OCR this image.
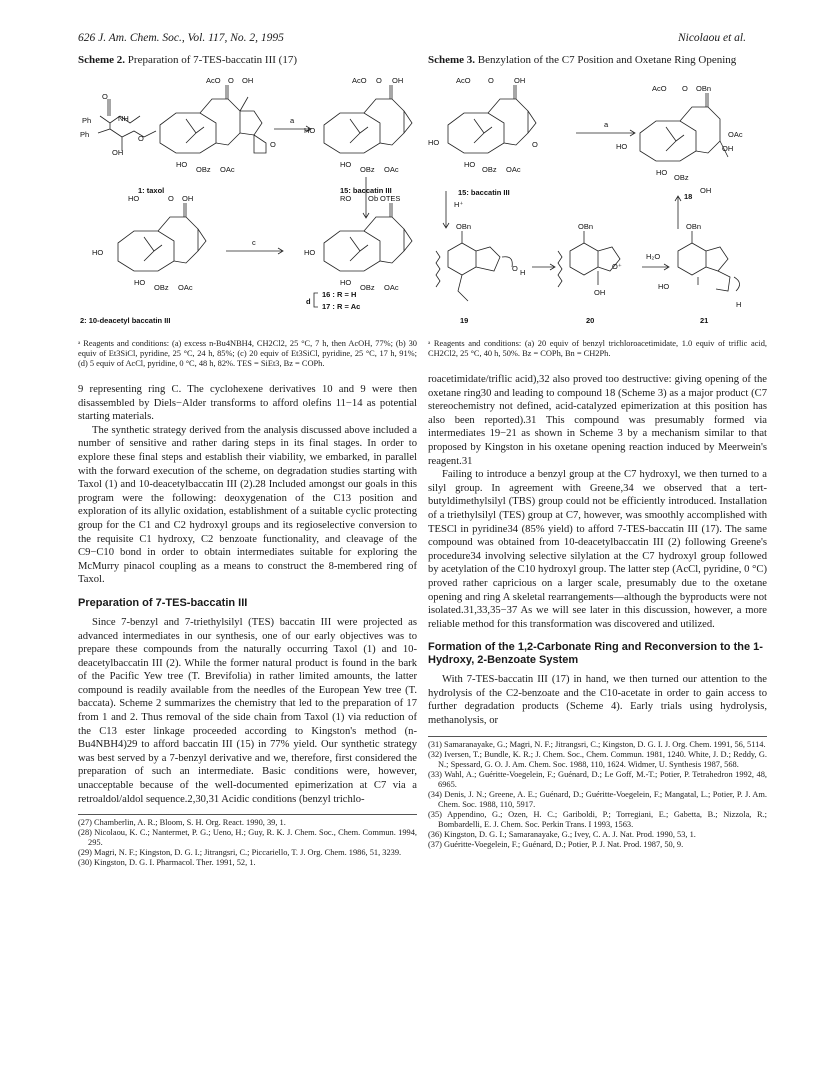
626 J. Am. Chem. Soc., Vol. 117, No. 2, 1995	Nicolaou et al.
Scheme 2. Preparation of 7-TES-baccatin III (17)
AcO O OH
Ph
O
NH
Ph
OH
O
HO
OBz OAc
O
a
HO
AcO O OH
HO
OBz OAc
b
HO	O OH
HO
HO
OBz OAc
c
HO
RO O OTES
HO
OBz OAc
1: taxol	15: baccatin III
2: 10-deacetyl baccatin III
d
16 : R = H
17 : R = Ac

ᵃ Reagents and conditions: (a) excess n-Bu4NBH4, CH2Cl2, 25 °C, 7 h, then AcOH, 77%; (b) 30 equiv of Et3SiCl, pyridine, 25 °C, 24 h, 85%; (c) 20 equiv of Et3SiCl, pyridine, 25 °C, 17 h, 91%; (d) 5 equiv of AcCl, pyridine, 0 °C, 48 h, 82%. TES = SiEt3, Bz = COPh.

9 representing ring C. The cyclohexene derivatives 10 and 9 were then disassembled by Diels−Alder transforms to afford olefins 11−14 as potential starting materials.

The synthetic strategy derived from the analysis discussed above included a number of sensitive and rather daring steps in its final stages. In order to explore these final steps and establish their viability, we embarked, in parallel with the forward execution of the scheme, on degradation studies starting with Taxol (1) and 10-deacetylbaccatin III (2).28 Included amongst our goals in this program were the following: deoxygenation of the C13 position and exploration of its allylic oxidation, establishment of a suitable cyclic protecting group for the C1 and C2 hydroxyl groups and its regioselective conversion to the requisite C1 hydroxy, C2 benzoate functionality, and cleavage of the C9−C10 bond in order to obtain intermediates suitable for exploring the McMurry pinacol coupling as a means to construct the 8-membered ring of Taxol.

Preparation of 7-TES-baccatin III

Since 7-benzyl and 7-triethylsilyl (TES) baccatin III were projected as advanced intermediates in our synthesis, one of our early objectives was to prepare these compounds from the naturally occurring Taxol (1) and 10-deacetylbaccatin III (2). While the former natural product is found in the bark of the Pacific Yew tree (T. Brevifolia) in rather limited amounts, the latter compound is readily available from the needles of the European Yew tree (T. baccata). Scheme 2 summarizes the chemistry that led to the preparation of 17 from 1 and 2. Thus removal of the side chain from Taxol (1) via reduction of the C13 ester linkage proceeded according to Kingston's method (n-Bu4NBH4)29 to afford baccatin III (15) in 77% yield. Our synthetic strategy was best served by a 7-benzyl derivative and we, therefore, first considered the preparation of such an intermediate. Basic conditions were, however, unacceptable because of the well-documented epimerization at C7 via a retroaldol/aldol sequence.2,30,31 Acidic conditions (benzyl trichlo-

(27) Chamberlin, A. R.; Bloom, S. H. Org. React. 1990, 39, 1.
(28) Nicolaou, K. C.; Nantermet, P. G.; Ueno, H.; Guy, R. K. J. Chem. Soc., Chem. Commun. 1994, 295.
(29) Magri, N. F.; Kingston, D. G. I.; Jitrangsri, C.; Piccariello, T. J. Org. Chem. 1986, 51, 3239.
(30) Kingston, D. G. I. Pharmacol. Ther. 1991, 52, 1.
Scheme 3. Benzylation of the C7 Position and Oxetane Ring Opening
AcO O	OH
HO
HO
OBz OAc
O
a
HO
AcO O OBn
OAc
HO
OBz
OH
OH
H⁺
OBn
O H
OBn
O⁺
OH
H₂O
OBn
HO
H
15: baccatin III	18
19	20	21

ᵃ Reagents and conditions: (a) 20 equiv of benzyl trichloroacetimidate, 1.0 equiv of triflic acid, CH2Cl2, 25 °C, 40 h, 50%. Bz = COPh, Bn = CH2Ph.

roacetimidate/triflic acid),32 also proved too destructive: giving opening of the oxetane ring30 and leading to compound 18 (Scheme 3) as a major product (C7 stereochemistry not defined, acid-catalyzed epimerization at this position has also been reported).31 This compound was presumably formed via intermediates 19−21 as shown in Scheme 3 by a mechanism similar to that proposed by Kingston in his oxetane opening reaction induced by Meerwein's reagent.31

Failing to introduce a benzyl group at the C7 hydroxyl, we then turned to a silyl group. In agreement with Greene,34 we observed that a tert-butyldimethylsilyl (TBS) group could not be efficiently introduced. Installation of a triethylsilyl (TES) group at C7, however, was smoothly accomplished with TESCl in pyridine34 (85% yield) to afford 7-TES-baccatin III (17). The same compound was obtained from 10-deacetylbaccatin III (2) following Greene's procedure34 involving selective silylation at the C7 hydroxyl group followed by acetylation of the C10 hydroxyl group. The latter step (AcCl, pyridine, 0 °C) proved rather capricious on a larger scale, presumably due to the oxetane opening and ring A skeletal rearrangements—although the byproducts were not isolated.31,33,35−37 As we will see later in this discussion, however, a more reliable method for this transformation was discovered and utilized.

Formation of the 1,2-Carbonate Ring and Reconversion to the 1-Hydroxy, 2-Benzoate System

With 7-TES-baccatin III (17) in hand, we then turned our attention to the hydrolysis of the C2-benzoate and the C10-acetate in order to gain access to further degradation products (Scheme 4). Early trials using hydrolysis, methanolysis, or

(31) Samaranayake, G.; Magri, N. F.; Jitrangsri, C.; Kingston, D. G. I. J. Org. Chem. 1991, 56, 5114.
(32) Iversen, T.; Bundle, K. R.; J. Chem. Soc., Chem. Commun. 1981, 1240. White, J. D.; Reddy, G. N.; Spessard, G. O. J. Am. Chem. Soc. 1988, 110, 1624. Widmer, U. Synthesis 1987, 568.
(33) Wahl, A.; Guéritte-Voegelein, F.; Guénard, D.; Le Goff, M.-T.; Potier, P. Tetrahedron 1992, 48, 6965.
(34) Denis, J. N.; Greene, A. E.; Guénard, D.; Guéritte-Voegelein, F.; Mangatal, L.; Potier, P. J. Am. Chem. Soc. 1988, 110, 5917.
(35) Appendino, G.; Ozen, H. C.; Gariboldi, P.; Torregiani, E.; Gabetta, B.; Nizzola, R.; Bombardelli, E. J. Chem. Soc. Perkin Trans. I 1993, 1563.
(36) Kingston, D. G. I.; Samaranayake, G.; Ivey, C. A. J. Nat. Prod. 1990, 53, 1.
(37) Guéritte-Voegelein, F.; Guénard, D.; Potier, P. J. Nat. Prod. 1987, 50, 9.
